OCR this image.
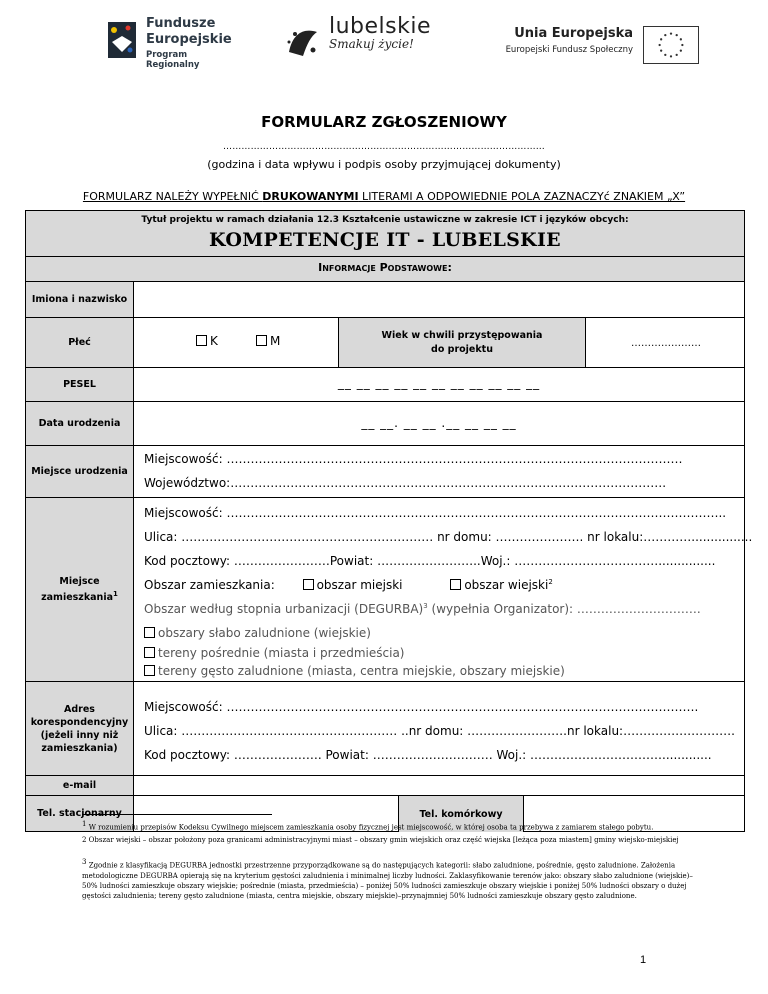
Fundusze
Europejskie
Program Regionalny
lubelskie
Smakuj życie!
Unia Europejska
Europejski Fundusz Społeczny
FORMULARZ ZGŁOSZENIOWY
……………………………………………………………………………………………
(godzina i data wpływu i podpis osoby przyjmującej dokumenty)
FORMULARZ NALEŻY WYPEŁNIĆ DRUKOWANYMI LITERAMI A ODPOWIEDNIE POLA ZAZNACZYć ZNAKIEM „X”
Tytuł projektu w ramach działania 12.3 Kształcenie ustawiczne w zakresie ICT i języków obcych:
KOMPETENCJE IT - LUBELSKIE
Informacje Podstawowe:
Imiona i nazwisko
Płeć	K	M	Wiek w chwili przystępowania
do projektu
…………………
PESEL	__ __ __ __ __ __ __ __ __ __ __
Data urodzenia	__ __. __ __ .__ __ __ __
Miejsce urodzenia
Miejscowość: ……………………………………………………………………………………………………
Województwo:……………………………………………………………………………………………….
Miejsce
zamieszkania$^1$
Miejscowość: ……………………………………………………………………………………………………………..
Ulica: ……………………………………………………… nr domu: …………………. nr lokalu:…………................
Kod pocztowy: ……………………Powiat: ……………………..Woj.: ………………………………...............
Obszar zamieszkania:	obszar miejski	obszar wiejski$^2$
Obszar według stopnia urbanizacji (DEGURBA)$^3$ (wypełnia Organizator): ………………………….
obszary słabo zaludnione (wiejskie)
tereny pośrednie (miasta i przedmieścia)
tereny gęsto zaludnione (miasta, centra miejskie, obszary miejskie)
Adres
korespondencyjny
(jeżeli inny niż
zamieszkania)
Miejscowość: ……………………………………………………………………………………………………….
Ulica: ……………………………………………… ..nr domu: …………………….nr lokalu:……………………….
Kod pocztowy: …………………. Powiat: ………………………… Woj.: …………………………….............
e-mail
Tel. stacjonarny	Tel. komórkowy
$^1$ W rozumieniu przepisów Kodeksu Cywilnego miejscem zamieszkania osoby fizycznej jest miejscowość, w której osoba ta przebywa z zamiarem stałego pobytu.
2 Obszar wiejski – obszar położony poza granicami administracyjnymi miast – obszary gmin wiejskich oraz część wiejska [leżąca poza miastem] gminy wiejsko-miejskiej
$^3$ Zgodnie z klasyfikacją DEGURBA jednostki przestrzenne przyporządkowane są do następujących kategorii: słabo zaludnione, pośrednie, gęsto zaludnione. Założenia metodologiczne DEGURBA opierają się na kryterium gęstości zaludnienia i minimalnej liczby ludności. Zaklasyfikowanie terenów jako: obszary słabo zaludnione (wiejskie)–50% ludności zamieszkuje obszary wiejskie; pośrednie (miasta, przedmieścia) – poniżej 50% ludności zamieszkuje obszary wiejskie i poniżej 50% ludności obszary o dużej gęstości zaludnienia; tereny gęsto zaludnione (miasta, centra miejskie, obszary miejskie)–przynajmniej 50% ludności zamieszkuje obszary gęsto zaludnione.
1
